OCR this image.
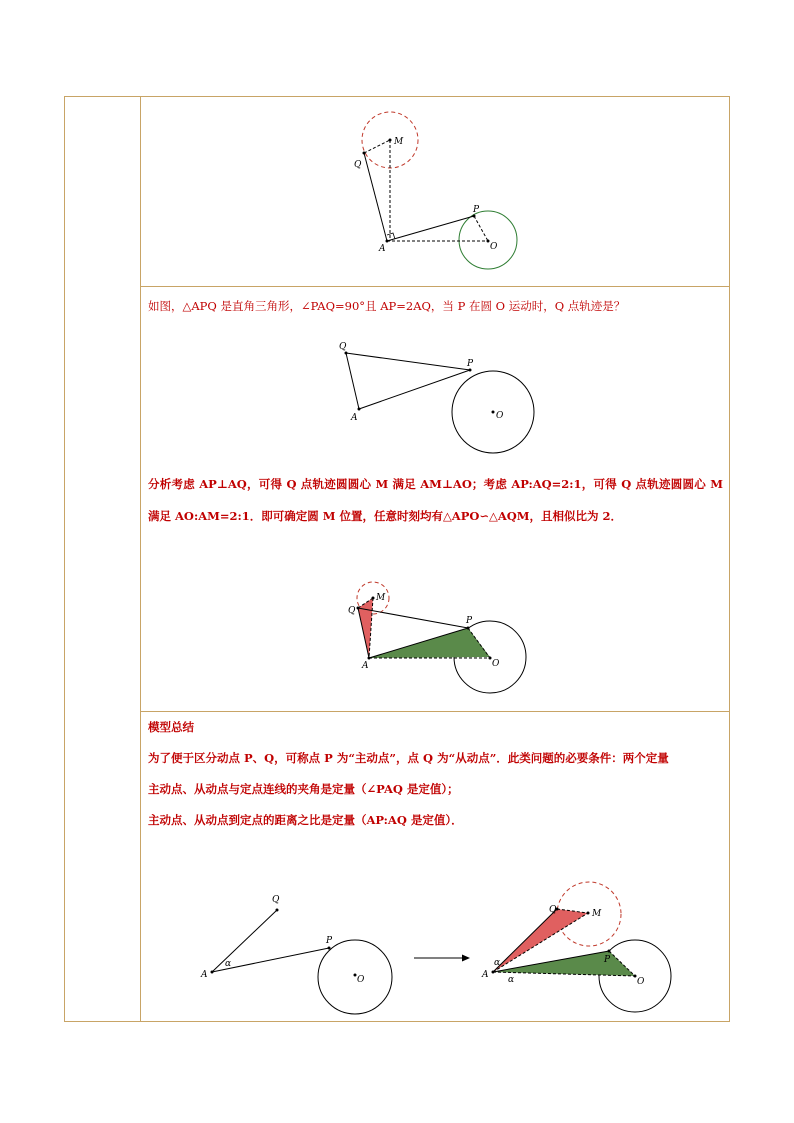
Q
M
A
P
O
如图，△APQ 是直角三角形，∠PAQ=90°且 AP=2AQ，当 P 在圆 O 运动时，Q 点轨迹是？
Q
A
P
O
分析考虑 AP⊥AQ，可得 Q 点轨迹圆圆心 M 满足 AM⊥AO；考虑 AP:AQ=2:1，可得 Q 点轨迹圆圆心 M 满足 AO:AM=2:1．即可确定圆 M 位置，任意时刻均有△APO∽△AQM，且相似比为 2．
Q
M
A
P
O
模型总结
为了便于区分动点 P、Q，可称点 P 为“主动点”，点 Q 为“从动点”．此类问题的必要条件：两个定量
主动点、从动点与定点连线的夹角是定量（∠PAQ 是定值）；
主动点、从动点到定点的距离之比是定量（AP:AQ 是定值）．
Q
A
α
P
O
Q	M
A
α
α
P
O
